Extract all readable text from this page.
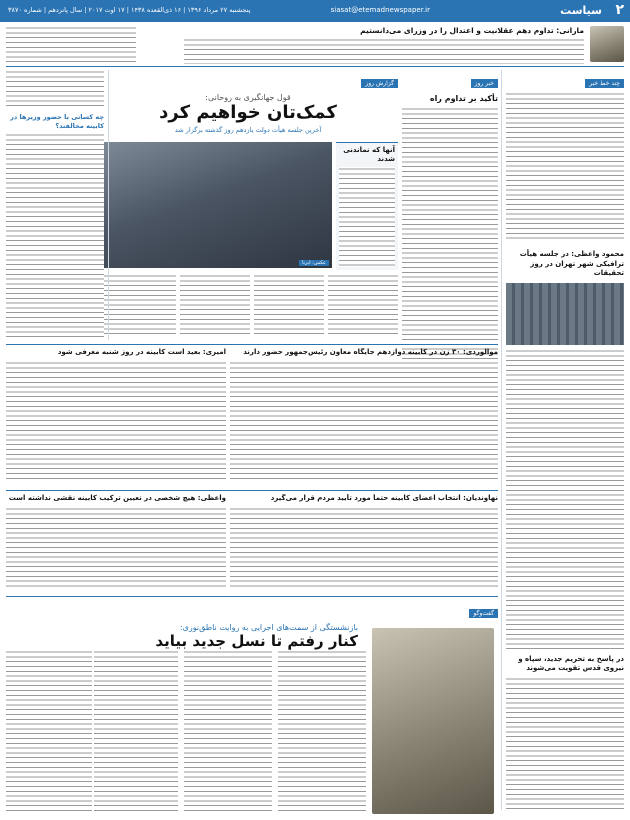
۲
سیاست
siasat@etemadnewspaper.ir
پنجشنبه ۲۷ مرداد ۱۳۹۶ | ۱۶ ذی‌القعده ۱۴۳۸ | ۱۷ اوت ۲۰۱۷ | سال پانزدهم | شماره ۳۸۷۰
مارانی: تداوم دهم عقلانیت و اعتدال را در وزرای می‌دانستیم
چند خط خبر
محمود واعظی: در جلسه هیأت ترافیکی شهر تهران در روز تحقیقات
در پاسخ به تحریم جدید، سپاه و نیروی قدس تقویت می‌شوند
خبر روز
تأکید بر تداوم راه
گزارش روز
قول جهانگیری به روحانی:
کمک‌تان خواهیم کرد
آخرین جلسه هیأت دولت یازدهم روز گذشته برگزار شد
آنها که نماندنی شدند
عکس: ایرنا
چه کسانی با حضور وزیرها در کابینه مخالفند؟
موالوردی: ۳۰ زن در کابینه دوازدهم جایگاه معاون رئیس‌جمهور حضور دارند
امیری: بعید است کابینه در روز شنبه معرفی شود
نهاوندیان: انتخاب اعضای کابینه حتماً مورد تأیید مردم قرار می‌گیرد
واعظی: هیچ شخصی در تعیین ترکیب کابینه نقشی نداشته است
گفت‌وگو
بازنشستگی از سمت‌های اجرایی به روایت ناطق‌نوری:
کنار رفتم تا نسل جدید بیاید
